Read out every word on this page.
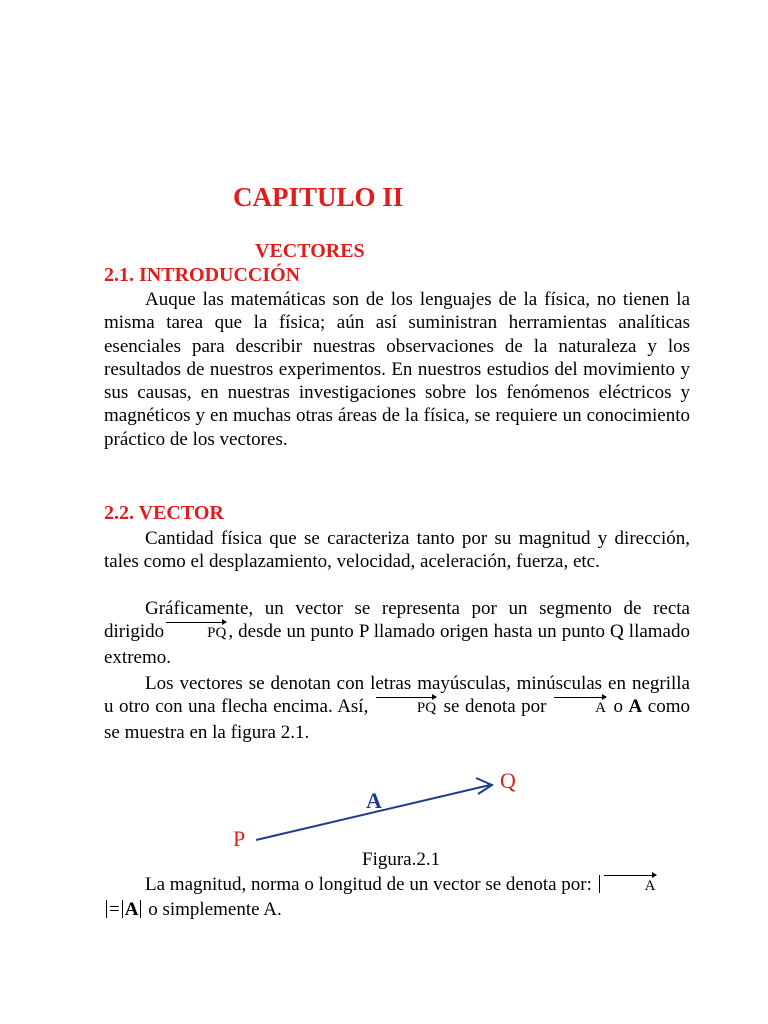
CAPITULO II
VECTORES
2.1. INTRODUCCIÓN

Auque las matemáticas son de los lenguajes de la física, no tienen la misma tarea que la física; aún así suministran herramientas analíticas esenciales para describir nuestras observaciones de la naturaleza y los resultados de nuestros experimentos. En nuestros estudios del movimiento y sus causas, en nuestras investigaciones sobre los fenómenos eléctricos y magnéticos y en muchas otras áreas de la física, se requiere un conocimiento práctico de los vectores.

2.2. VECTOR

Cantidad física que se caracteriza tanto por su magnitud y dirección, tales como el desplazamiento, velocidad, aceleración, fuerza, etc.

Gráficamente, un vector se representa por un segmento de recta dirigido	PQ , desde un punto P llamado origen hasta un punto Q llamado extremo.

Los vectores se denotan con letras mayúsculas, minúsculas en negrilla u otro con una flecha encima. Así,	PQ se denota por	A o A como se muestra en la figura 2.1.

P
Q
A

Figura.2.1

La magnitud, norma o longitud de un vector se denota por:	A
= A o simplemente A.
